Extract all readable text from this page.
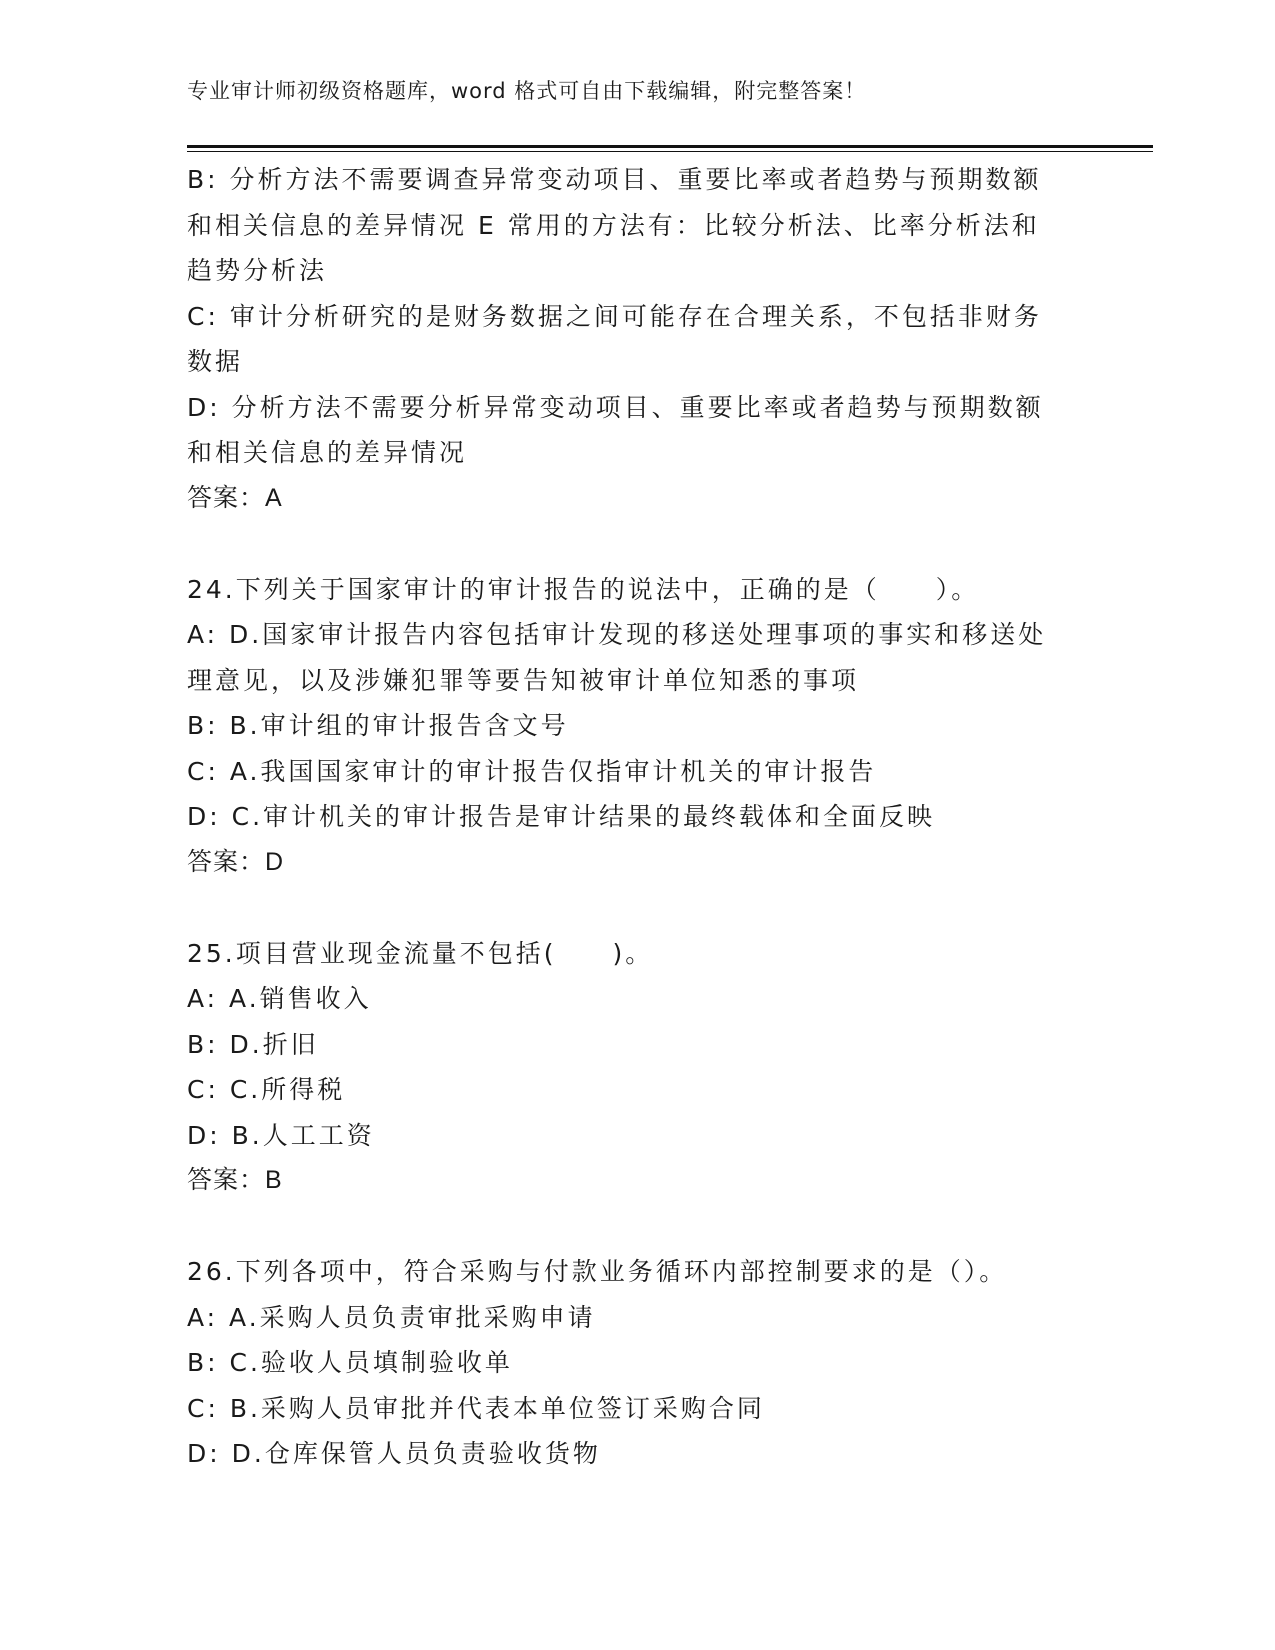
专业审计师初级资格题库，word 格式可自由下载编辑，附完整答案！
B: 分析方法不需要调查异常变动项目、重要比率或者趋势与预期数额
和相关信息的差异情况 E 常用的方法有：比较分析法、比率分析法和
趋势分析法
C: 审计分析研究的是财务数据之间可能存在合理关系，不包括非财务
数据
D: 分析方法不需要分析异常变动项目、重要比率或者趋势与预期数额
和相关信息的差异情况
答案：A
24.下列关于国家审计的审计报告的说法中，正确的是（　　）。
A: D.国家审计报告内容包括审计发现的移送处理事项的事实和移送处
理意见，以及涉嫌犯罪等要告知被审计单位知悉的事项
B: B.审计组的审计报告含文号
C: A.我国国家审计的审计报告仅指审计机关的审计报告
D: C.审计机关的审计报告是审计结果的最终载体和全面反映
答案：D
25.项目营业现金流量不包括(　　)。
A: A.销售收入
B: D.折旧
C: C.所得税
D: B.人工工资
答案：B
26.下列各项中，符合采购与付款业务循环内部控制要求的是（）。
A: A.采购人员负责审批采购申请
B: C.验收人员填制验收单
C: B.采购人员审批并代表本单位签订采购合同
D: D.仓库保管人员负责验收货物
